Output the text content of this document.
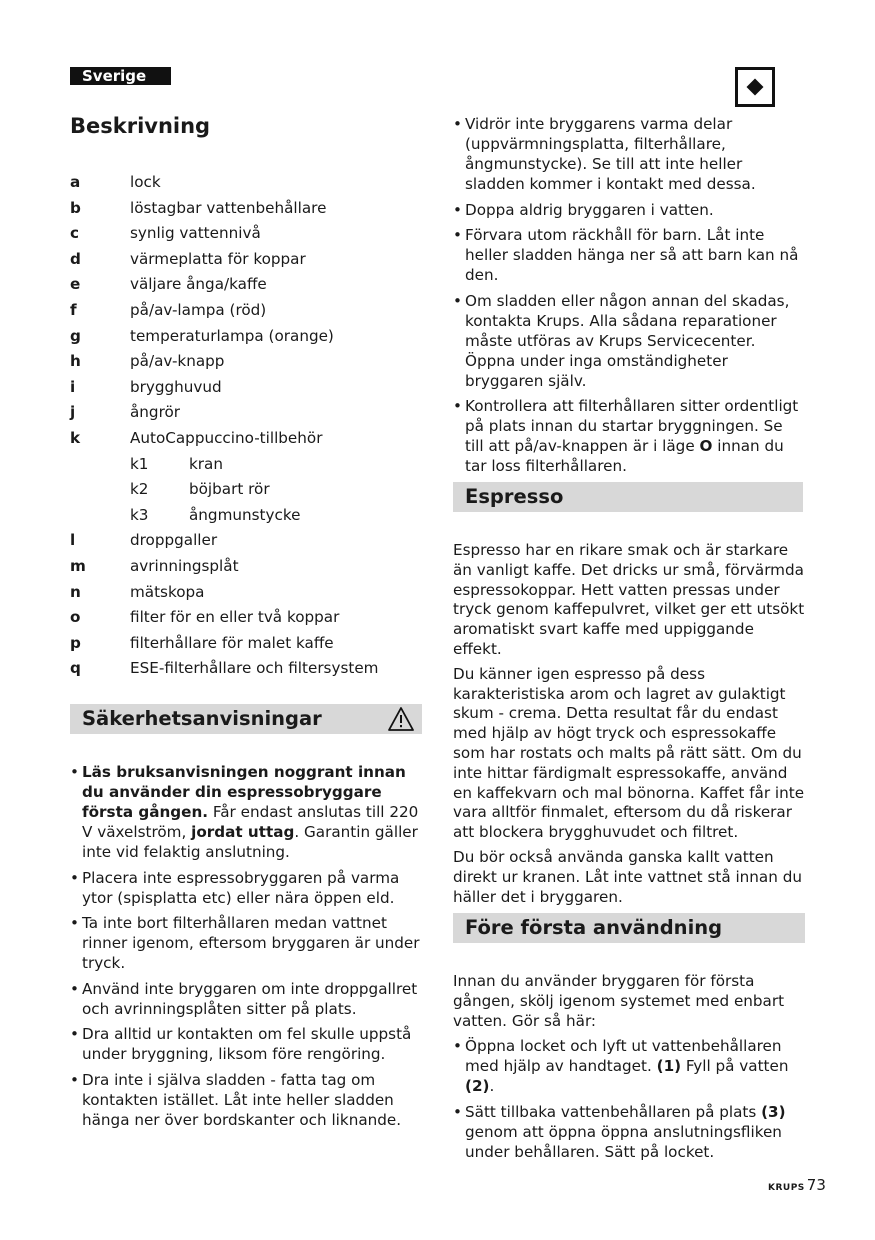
Sverige
Beskrivning
a	lock
b	löstagbar vattenbehållare
c	synlig vattennivå
d	värmeplatta för koppar
e	väljare ånga/kaffe
f	på/av-lampa (röd)
g	temperaturlampa (orange)
h	på/av-knapp
i	brygghuvud
j	ångrör
k	AutoCappuccino-tillbehör
k1	kran
k2	böjbart rör
k3	ångmunstycke
l	droppgaller
m	avrinningsplåt
n	mätskopa
o	filter för en eller två koppar
p	filterhållare för malet kaffe
q	ESE-filterhållare och filtersystem
Säkerhetsanvisningar
• Läs bruksanvisningen noggrant innan du använder din espressobryggare första gången. Får endast anslutas till 220 V växelström, jordat uttag. Garantin gäller inte vid felaktig anslutning.
• Placera inte espressobryggaren på varma ytor (spisplatta etc) eller nära öppen eld.
• Ta inte bort filterhållaren medan vattnet rinner igenom, eftersom bryggaren är under tryck.
• Använd inte bryggaren om inte droppgallret och avrinningsplåten sitter på plats.
• Dra alltid ur kontakten om fel skulle uppstå under bryggning, liksom före rengöring.
• Dra inte i själva sladden - fatta tag om kontakten istället. Låt inte heller sladden hänga ner över bordskanter och liknande.
• Vidrör inte bryggarens varma delar (uppvärmningsplatta, filterhållare, ångmunstycke). Se till att inte heller sladden kommer i kontakt med dessa.
• Doppa aldrig bryggaren i vatten.
• Förvara utom räckhåll för barn. Låt inte heller sladden hänga ner så att barn kan nå den.
• Om sladden eller någon annan del skadas, kontakta Krups. Alla sådana reparationer måste utföras av Krups Servicecenter. Öppna under inga omständigheter bryggaren själv.
• Kontrollera att filterhållaren sitter ordentligt på plats innan du startar bryggningen. Se till att på/av-knappen är i läge O innan du tar loss filterhållaren.
Espresso

Espresso har en rikare smak och är starkare än vanligt kaffe. Det dricks ur små, förvärmda espressokoppar. Hett vatten pressas under tryck genom kaffepulvret, vilket ger ett utsökt aromatiskt svart kaffe med uppiggande effekt.

Du känner igen espresso på dess karakteristiska arom och lagret av gulaktigt skum - crema. Detta resultat får du endast med hjälp av högt tryck och espressokaffe som har rostats och malts på rätt sätt. Om du inte hittar färdigmalt espressokaffe, använd en kaffekvarn och mal bönorna. Kaffet får inte vara alltför finmalet, eftersom du då riskerar att blockera brygghuvudet och filtret.

Du bör också använda ganska kallt vatten direkt ur kranen. Låt inte vattnet stå innan du häller det i bryggaren.

Före första användning

Innan du använder bryggaren för första gången, skölj igenom systemet med enbart vatten. Gör så här:

• Öppna locket och lyft ut vattenbehållaren med hjälp av handtaget. (1) Fyll på vatten (2).
• Sätt tillbaka vattenbehållaren på plats (3) genom att öppna öppna anslutningsfliken under behållaren. Sätt på locket.
KRUPS 73
